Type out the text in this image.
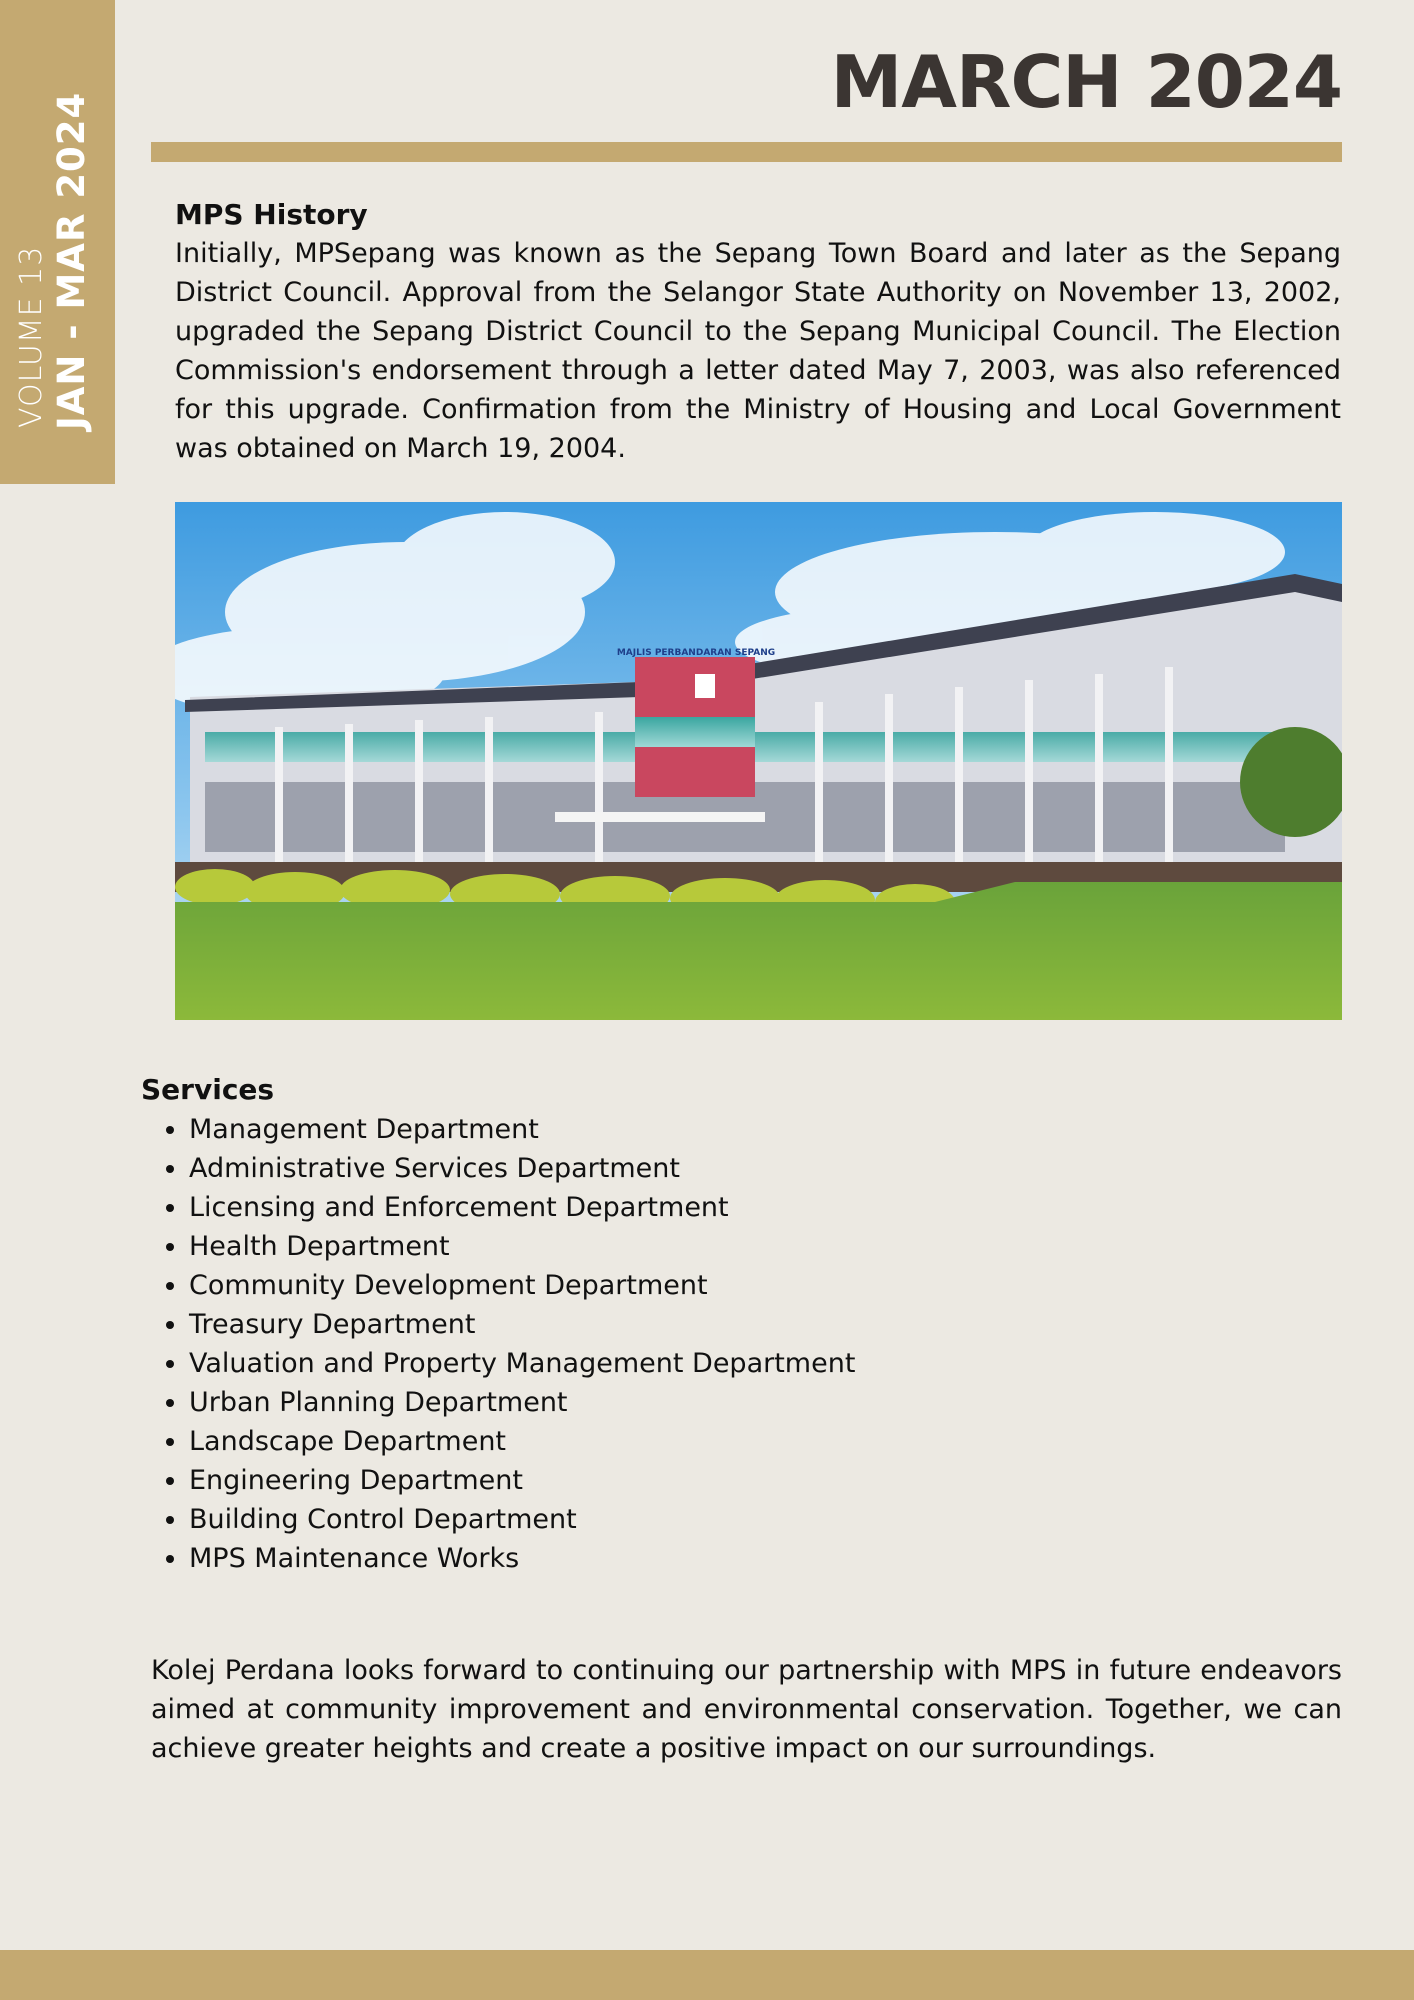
VOLUME 13 JAN - MAR 2024
MARCH 2024
MPS History

Initially, MPSepang was known as the Sepang Town Board and later as the Sepang District Council. Approval from the Selangor State Authority on November 13, 2002, upgraded the Sepang District Council to the Sepang Municipal Council. The Election Commission's endorsement through a letter dated May 7, 2003, was also referenced for this upgrade. Confirmation from the Ministry of Housing and Local Government was obtained on March 19, 2004.

MAJLIS PERBANDARAN SEPANG
Services
• Management Department
• Administrative Services Department
• Licensing and Enforcement Department
• Health Department
• Community Development Department
• Treasury Department
• Valuation and Property Management Department
• Urban Planning Department
• Landscape Department
• Engineering Department
• Building Control Department
• MPS Maintenance Works

Kolej Perdana looks forward to continuing our partnership with MPS in future endeavors aimed at community improvement and environmental conservation. Together, we can achieve greater heights and create a positive impact on our surroundings.
